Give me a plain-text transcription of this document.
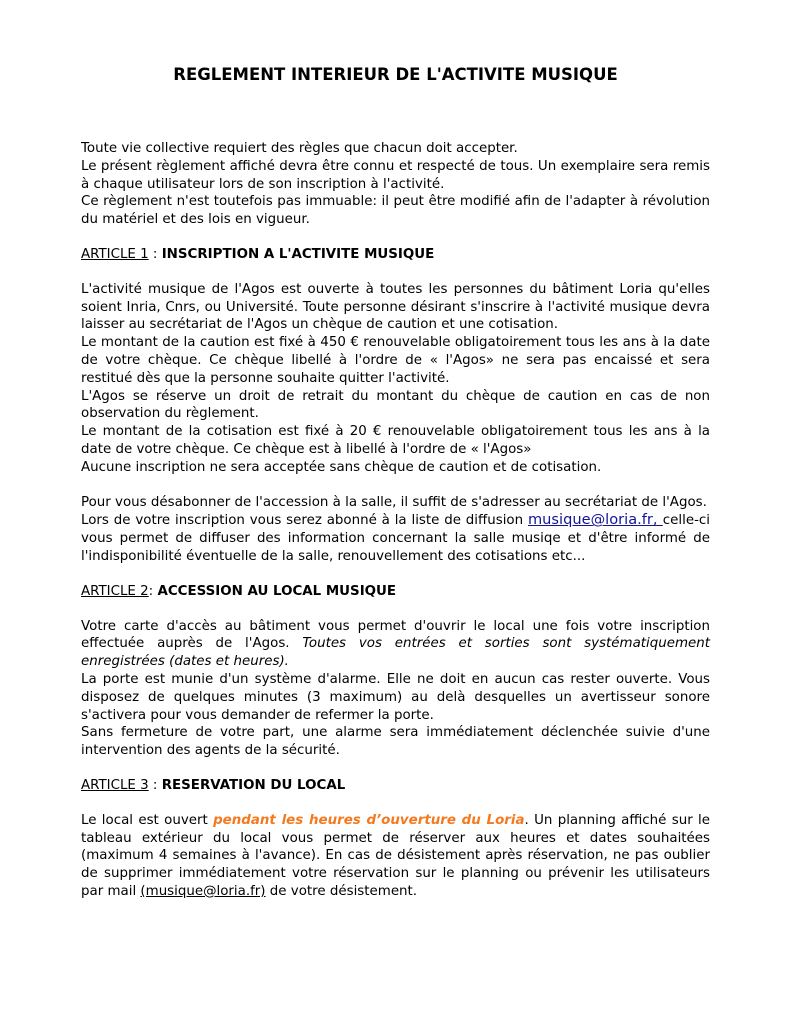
REGLEMENT INTERIEUR DE L'ACTIVITE MUSIQUE

Toute vie collective requiert des règles que chacun doit accepter.

Le présent règlement affiché devra être connu et respecté de tous. Un exemplaire sera remis à chaque utilisateur lors de son inscription à l'activité.

Ce règlement n'est toutefois pas immuable: il peut être modifié afin de l'adapter à révolution du matériel et des lois en vigueur.

ARTICLE 1 : INSCRIPTION A L'ACTIVITE MUSIQUE

L'activité musique de l'Agos est ouverte à toutes les personnes du bâtiment Loria qu'elles soient Inria, Cnrs, ou Université. Toute personne désirant s'inscrire à l'activité musique devra laisser au secrétariat de l'Agos un chèque de caution et une cotisation.

Le montant de la caution est fixé à 450 € renouvelable obligatoirement tous les ans à la date de votre chèque. Ce chèque libellé à l'ordre de « l'Agos» ne sera pas encaissé et sera restitué dès que la personne souhaite quitter l'activité.

L'Agos se réserve un droit de retrait du montant du chèque de caution en cas de non observation du règlement.

Le montant de la cotisation est fixé à 20 € renouvelable obligatoirement tous les ans à la date de votre chèque. Ce chèque est à libellé à l'ordre de « l'Agos»

Aucune inscription ne sera acceptée sans chèque de caution et de cotisation.

Pour vous désabonner de l'accession à la salle, il suffit de s'adresser au secrétariat de l'Agos.

Lors de votre inscription vous serez abonné à la liste de diffusion musique@loria.fr, celle-ci vous permet de diffuser des information concernant la salle musiqe et d'être informé de l'indisponibilité éventuelle de la salle, renouvellement des cotisations etc...

ARTICLE 2: ACCESSION AU LOCAL MUSIQUE

Votre carte d'accès au bâtiment vous permet d'ouvrir le local une fois votre inscription effectuée auprès de l'Agos. Toutes vos entrées et sorties sont systématiquement enregistrées (dates et heures).

La porte est munie d'un système d'alarme. Elle ne doit en aucun cas rester ouverte. Vous disposez de quelques minutes (3 maximum) au delà desquelles un avertisseur sonore s'activera pour vous demander de refermer la porte.

Sans fermeture de votre part, une alarme sera immédiatement déclenchée suivie d'une intervention des agents de la sécurité.

ARTICLE 3 : RESERVATION DU LOCAL

Le local est ouvert pendant les heures d’ouverture du Loria. Un planning affiché sur le tableau extérieur du local vous permet de réserver aux heures et dates souhaitées (maximum 4 semaines à l'avance). En cas de désistement après réservation, ne pas oublier de supprimer immédiatement votre réservation sur le planning ou prévenir les utilisateurs par mail (musique@loria.fr) de votre désistement.
